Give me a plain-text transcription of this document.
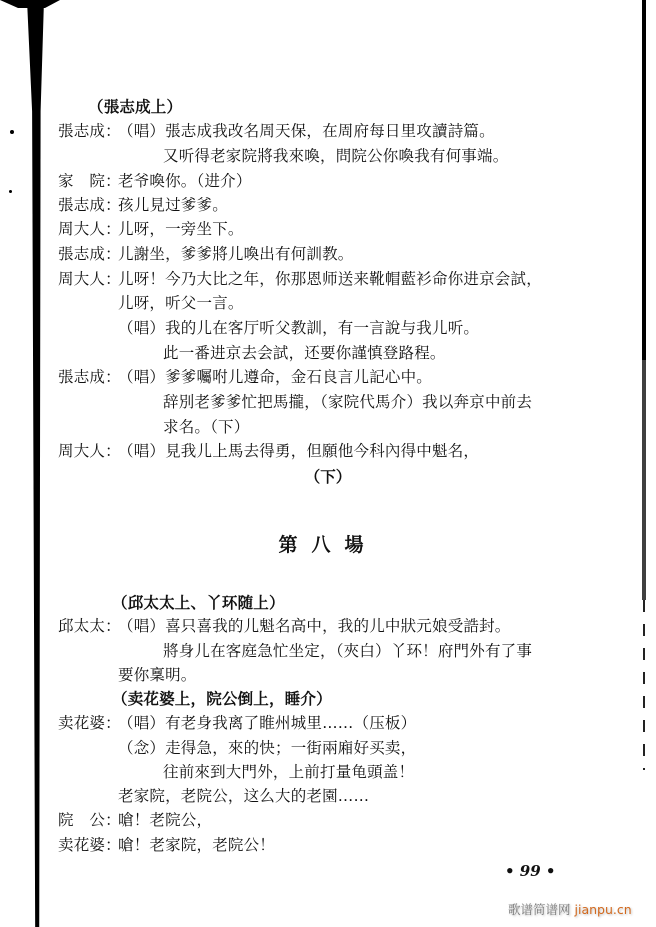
（張志成上）
張志成：（唱）張志成我改名周天保，在周府每日里攻讀詩篇。
又听得老家院將我來喚，問院公你喚我有何事端。
家　院：老爷喚你。（进介）
張志成：孩儿見过爹爹。
周大人：儿呀，一旁坐下。
張志成：儿謝坐，爹爹將儿喚出有何訓教。
周大人：儿呀！今乃大比之年，你那恩师送来靴帽藍衫命你进京会試，
儿呀，听父一言。
（唱）我的儿在客厅听父教訓，有一言說与我儿听。
此一番进京去会試，还要你謹慎登路程。
張志成：（唱）爹爹囑咐儿遵命，金石良言儿記心中。
辞別老爹爹忙把馬攏，（家院代馬介）我以奔京中前去
求名。（下）
周大人：（唱）見我儿上馬去得勇，但願他今科內得中魁名，
（下）
第八場
（邱太太上、丫环随上）
邱太太：（唱）喜只喜我的儿魁名高中，我的儿中狀元娘受誥封。
將身儿在客庭急忙坐定，（夾白）丫环！府門外有了事
要你稟明。
（卖花婆上，院公倒上，睡介）
卖花婆：（唱）有老身我离了睢州城里……（压板）
（念）走得急，來的快；一街兩廂好买卖，
往前來到大門外，上前打量龟頭盖！
老家院，老院公，这么大的老園……
院　公：嗆！老院公，
卖花婆：嗆！老家院，老院公！
• 99 •
歌谱简谱网 jianpu.cn
